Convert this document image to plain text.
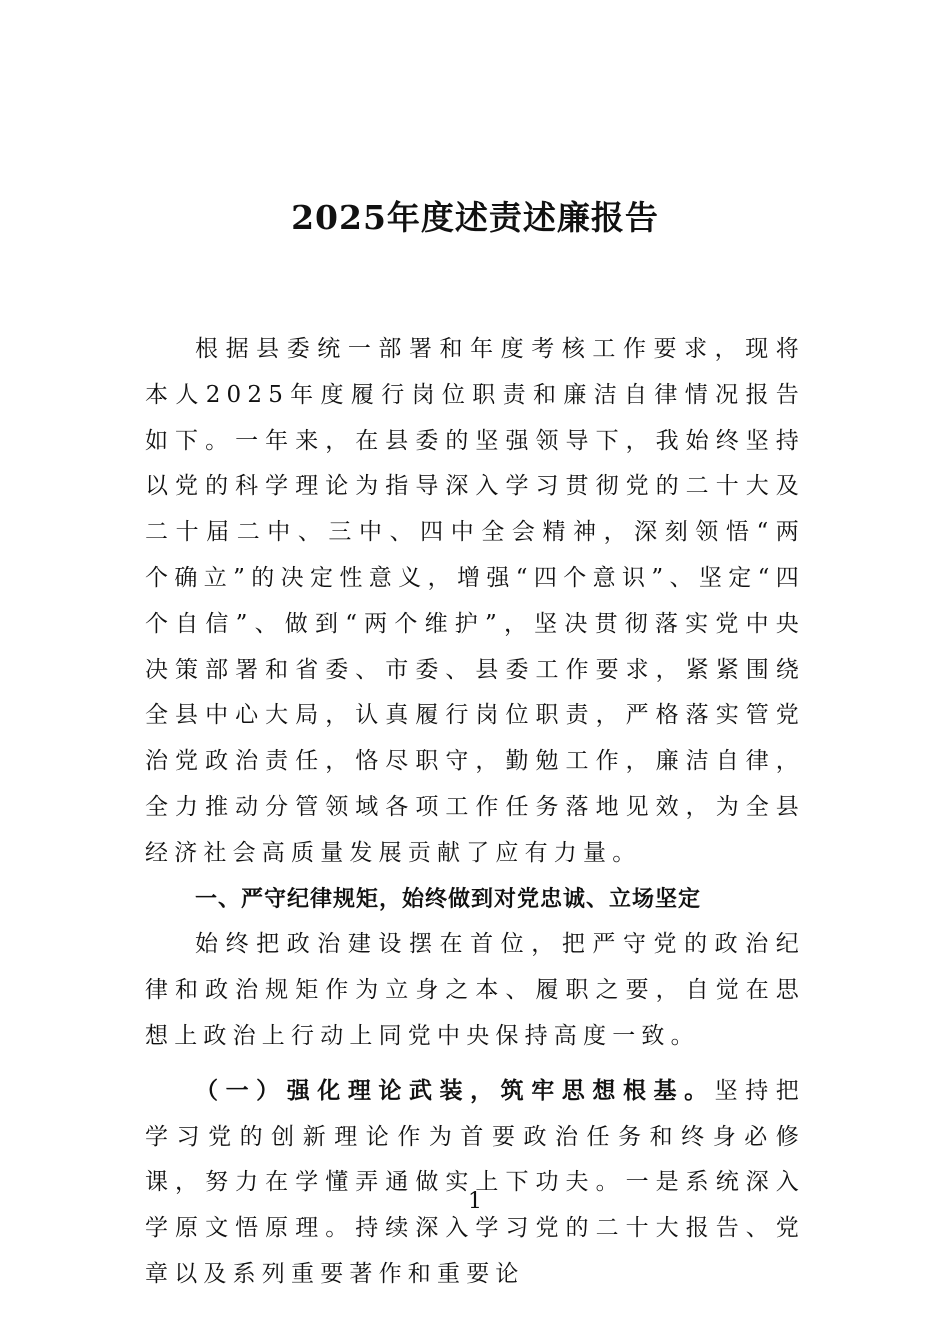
2025年度述责述廉报告

根据县委统一部署和年度考核工作要求，现将本人2025年度履行岗位职责和廉洁自律情况报告如下。一年来，在县委的坚强领导下，我始终坚持以党的科学理论为指导深入学习贯彻党的二十大及二十届二中、三中、四中全会精神，深刻领悟“两个确立”的决定性意义，增强“四个意识”、坚定“四个自信”、做到“两个维护”，坚决贯彻落实党中央决策部署和省委、市委、县委工作要求，紧紧围绕全县中心大局，认真履行岗位职责，严格落实管党治党政治责任，恪尽职守，勤勉工作，廉洁自律，全力推动分管领域各项工作任务落地见效，为全县经济社会高质量发展贡献了应有力量。

一、严守纪律规矩，始终做到对党忠诚、立场坚定

始终把政治建设摆在首位，把严守党的政治纪律和政治规矩作为立身之本、履职之要，自觉在思想上政治上行动上同党中央保持高度一致。

（一）强化理论武装，筑牢思想根基。坚持把学习党的创新理论作为首要政治任务和终身必修课，努力在学懂弄通做实上下功夫。一是系统深入学原文悟原理。持续深入学习党的二十大报告、党章以及系列重要著作和重要论

1
